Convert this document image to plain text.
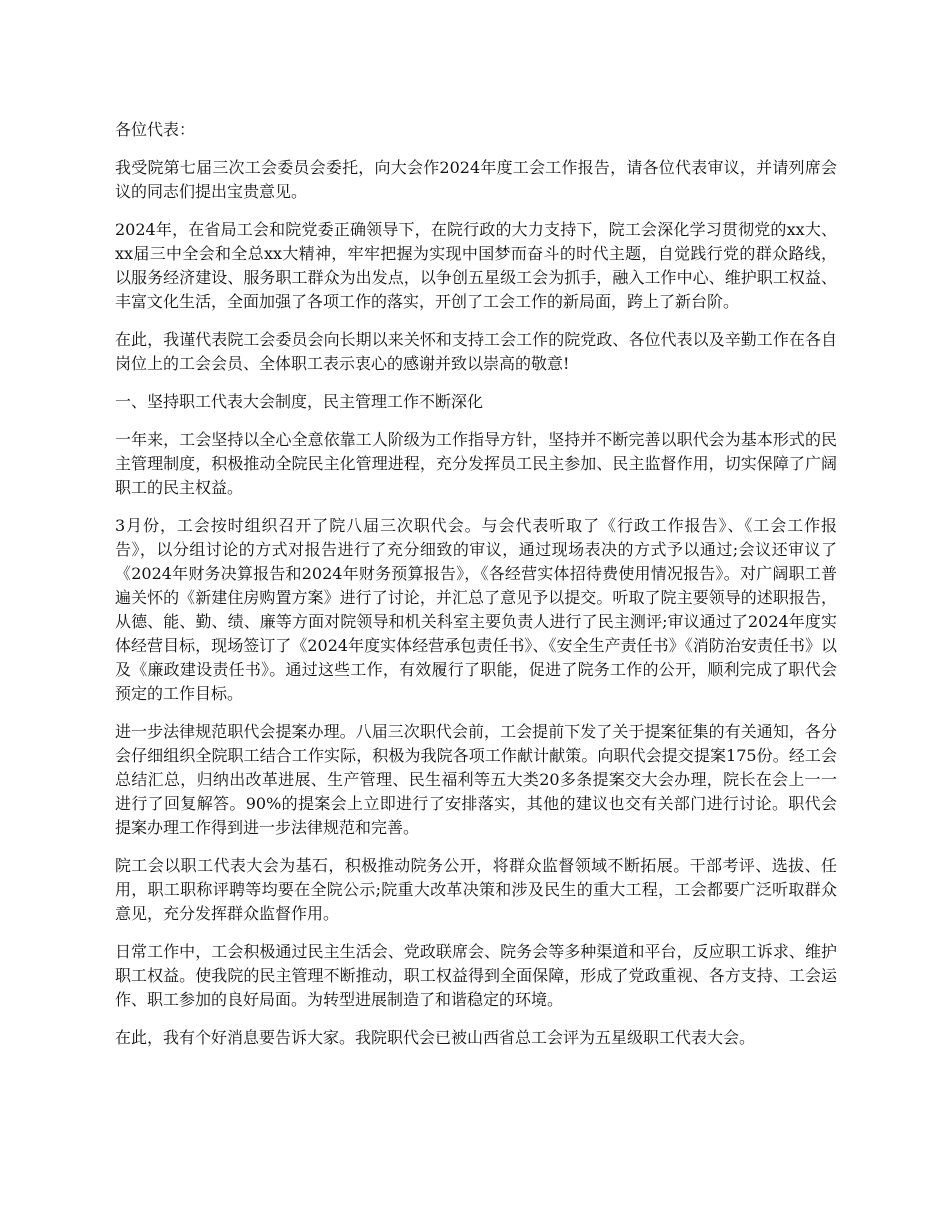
各位代表：

我受院第七届三次工会委员会委托，向大会作2024年度工会工作报告，请各位代表审议，并请列席会议的同志们提出宝贵意见。

2024年，在省局工会和院党委正确领导下，在院行政的大力支持下，院工会深化学习贯彻党的xx大、xx届三中全会和全总xx大精神，牢牢把握为实现中国梦而奋斗的时代主题，自觉践行党的群众路线，以服务经济建设、服务职工群众为出发点，以争创五星级工会为抓手，融入工作中心、维护职工权益、丰富文化生活，全面加强了各项工作的落实，开创了工会工作的新局面，跨上了新台阶。

在此，我谨代表院工会委员会向长期以来关怀和支持工会工作的院党政、各位代表以及辛勤工作在各自岗位上的工会会员、全体职工表示衷心的感谢并致以崇高的敬意!

一、坚持职工代表大会制度，民主管理工作不断深化

一年来，工会坚持以全心全意依靠工人阶级为工作指导方针，坚持并不断完善以职代会为基本形式的民主管理制度，积极推动全院民主化管理进程，充分发挥员工民主参加、民主监督作用，切实保障了广阔职工的民主权益。

3月份，工会按时组织召开了院八届三次职代会。与会代表听取了《行政工作报告》、《工会工作报告》，以分组讨论的方式对报告进行了充分细致的审议，通过现场表决的方式予以通过;会议还审议了《2024年财务决算报告和2024年财务预算报告》，《各经营实体招待费使用情况报告》。对广阔职工普遍关怀的《新建住房购置方案》进行了讨论，并汇总了意见予以提交。听取了院主要领导的述职报告，从德、能、勤、绩、廉等方面对院领导和机关科室主要负责人进行了民主测评;审议通过了2024年度实体经营目标，现场签订了《2024年度实体经营承包责任书》、《安全生产责任书》《消防治安责任书》以及《廉政建设责任书》。通过这些工作，有效履行了职能，促进了院务工作的公开，顺利完成了职代会预定的工作目标。

进一步法律规范职代会提案办理。八届三次职代会前，工会提前下发了关于提案征集的有关通知，各分会仔细组织全院职工结合工作实际，积极为我院各项工作献计献策。向职代会提交提案175份。经工会总结汇总，归纳出改革进展、生产管理、民生福利等五大类20多条提案交大会办理，院长在会上一一进行了回复解答。90%的提案会上立即进行了安排落实，其他的建议也交有关部门进行讨论。职代会提案办理工作得到进一步法律规范和完善。

院工会以职工代表大会为基石，积极推动院务公开，将群众监督领域不断拓展。干部考评、选拔、任用，职工职称评聘等均要在全院公示;院重大改革决策和涉及民生的重大工程，工会都要广泛听取群众意见，充分发挥群众监督作用。

日常工作中，工会积极通过民主生活会、党政联席会、院务会等多种渠道和平台，反应职工诉求、维护职工权益。使我院的民主管理不断推动，职工权益得到全面保障，形成了党政重视、各方支持、工会运作、职工参加的良好局面。为转型进展制造了和谐稳定的环境。

在此，我有个好消息要告诉大家。我院职代会已被山西省总工会评为五星级职工代表大会。
